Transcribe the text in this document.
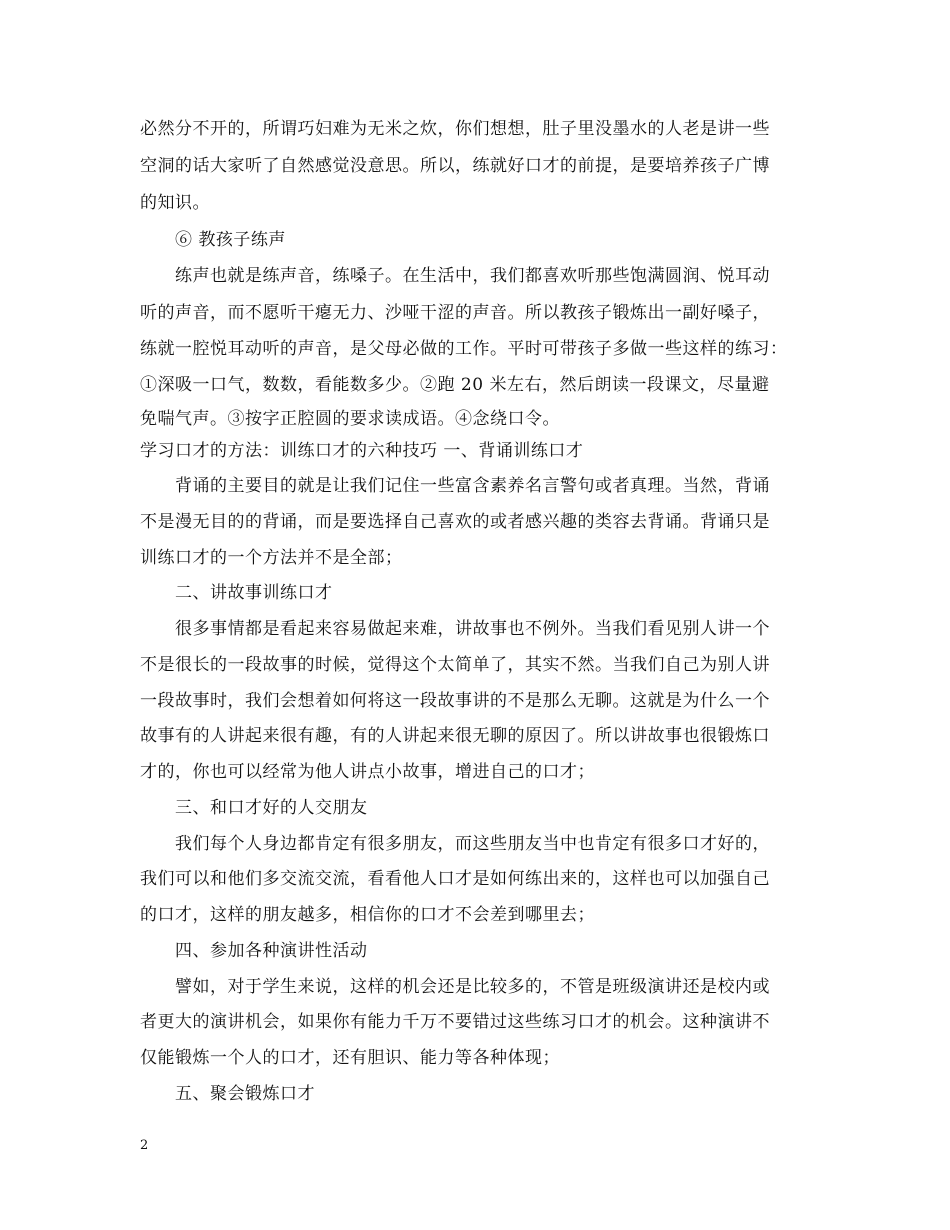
必然分不开的，所谓巧妇难为无米之炊，你们想想，肚子里没墨水的人老是讲一些
空洞的话大家听了自然感觉没意思。所以，练就好口才的前提，是要培养孩子广博
的知识。
⑥ 教孩子练声
练声也就是练声音，练嗓子。在生活中，我们都喜欢听那些饱满圆润、悦耳动
听的声音，而不愿听干瘪无力、沙哑干涩的声音。所以教孩子锻炼出一副好嗓子，
练就一腔悦耳动听的声音，是父母必做的工作。平时可带孩子多做一些这样的练习：
①深吸一口气，数数，看能数多少。②跑 20 米左右，然后朗读一段课文，尽量避
免喘气声。③按字正腔圆的要求读成语。④念绕口令。
学习口才的方法：训练口才的六种技巧 一、背诵训练口才
背诵的主要目的就是让我们记住一些富含素养名言警句或者真理。当然，背诵
不是漫无目的的背诵，而是要选择自己喜欢的或者感兴趣的类容去背诵。背诵只是
训练口才的一个方法并不是全部；
二、讲故事训练口才
很多事情都是看起来容易做起来难，讲故事也不例外。当我们看见别人讲一个
不是很长的一段故事的时候，觉得这个太简单了，其实不然。当我们自己为别人讲
一段故事时，我们会想着如何将这一段故事讲的不是那么无聊。这就是为什么一个
故事有的人讲起来很有趣，有的人讲起来很无聊的原因了。所以讲故事也很锻炼口
才的，你也可以经常为他人讲点小故事，增进自己的口才；
三、和口才好的人交朋友
我们每个人身边都肯定有很多朋友，而这些朋友当中也肯定有很多口才好的，
我们可以和他们多交流交流，看看他人口才是如何练出来的，这样也可以加强自己
的口才，这样的朋友越多，相信你的口才不会差到哪里去；
四、参加各种演讲性活动
譬如，对于学生来说，这样的机会还是比较多的，不管是班级演讲还是校内或
者更大的演讲机会，如果你有能力千万不要错过这些练习口才的机会。这种演讲不
仅能锻炼一个人的口才，还有胆识、能力等各种体现；
五、聚会锻炼口才
2
